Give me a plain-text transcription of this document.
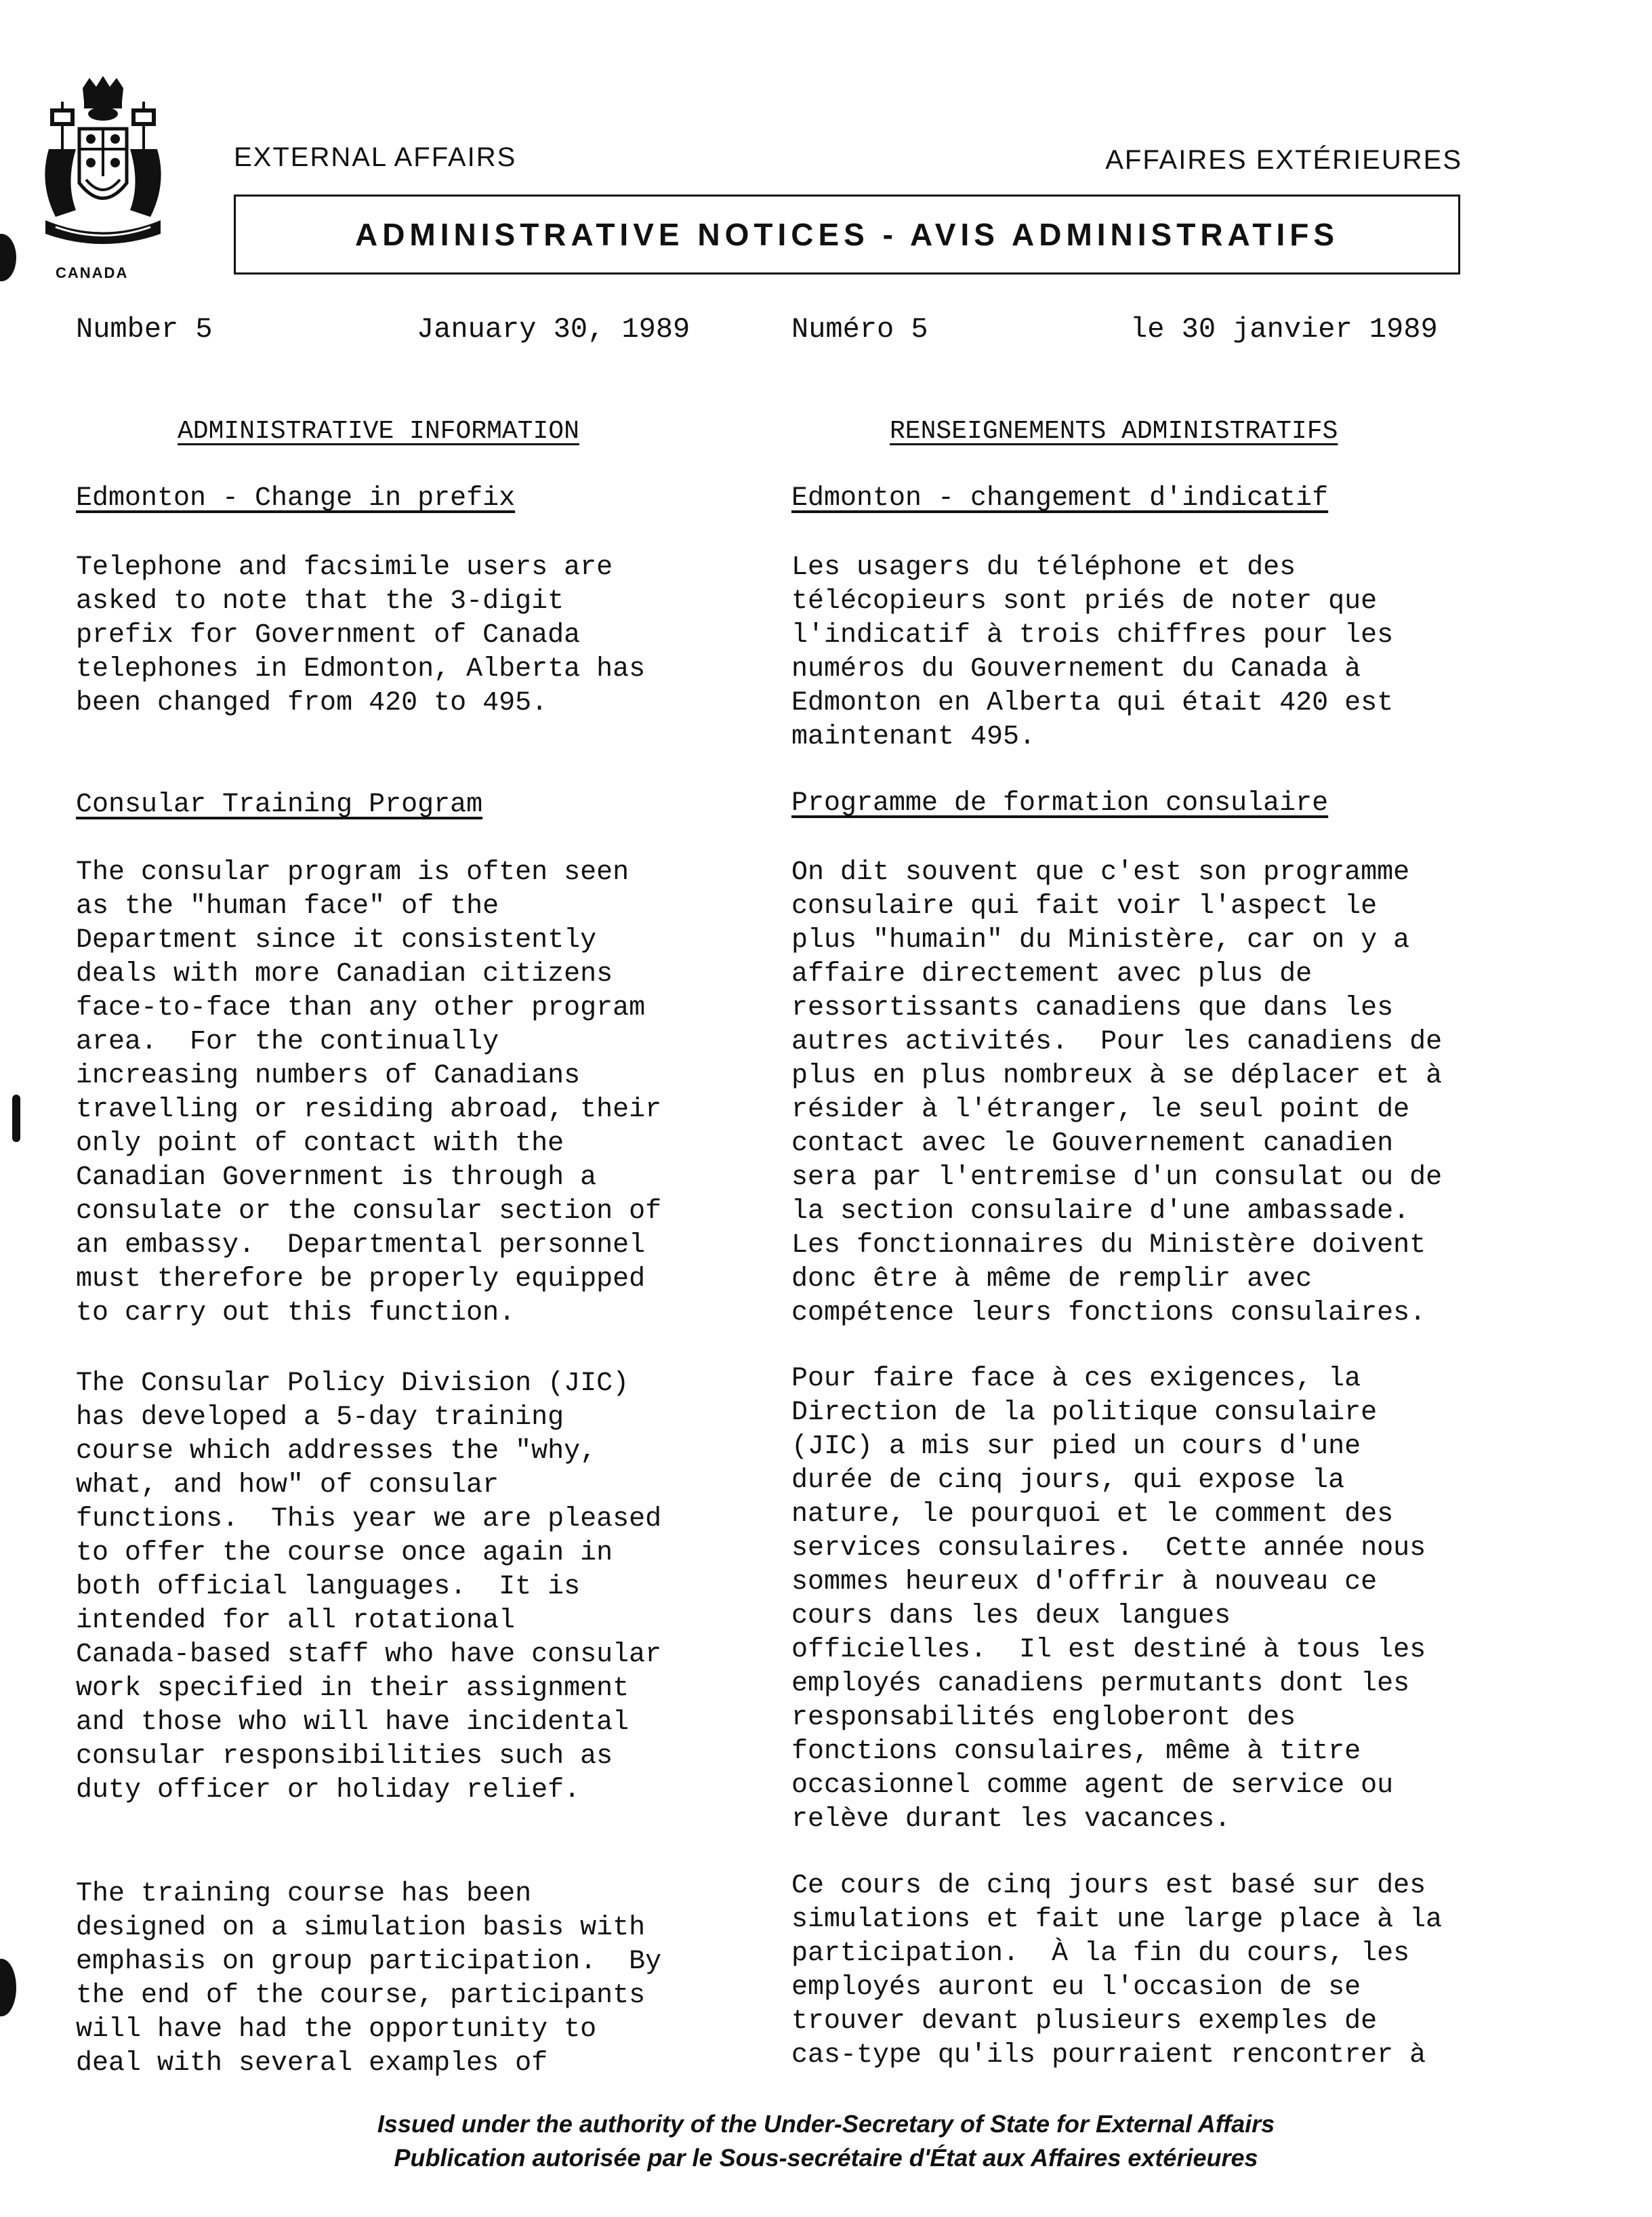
CANADA
EXTERNAL AFFAIRS	AFFAIRES EXTÉRIEURES
ADMINISTRATIVE NOTICES - AVIS ADMINISTRATIFS
Number 5	January 30, 1989	Numéro 5	le 30 janvier 1989
ADMINISTRATIVE INFORMATION
Edmonton - Change in prefix
Telephone and facsimile users are
asked to note that the 3-digit
prefix for Government of Canada
telephones in Edmonton, Alberta has
been changed from 420 to 495.
Consular Training Program
The consular program is often seen
as the "human face" of the
Department since it consistently
deals with more Canadian citizens
face-to-face than any other program
area.  For the continually
increasing numbers of Canadians
travelling or residing abroad, their
only point of contact with the
Canadian Government is through a
consulate or the consular section of
an embassy.  Departmental personnel
must therefore be properly equipped
to carry out this function.
The Consular Policy Division (JIC)
has developed a 5-day training
course which addresses the "why,
what, and how" of consular
functions.  This year we are pleased
to offer the course once again in
both official languages.  It is
intended for all rotational
Canada-based staff who have consular
work specified in their assignment
and those who will have incidental
consular responsibilities such as
duty officer or holiday relief.
The training course has been
designed on a simulation basis with
emphasis on group participation.  By
the end of the course, participants
will have had the opportunity to
deal with several examples of
RENSEIGNEMENTS ADMINISTRATIFS
Edmonton - changement d'indicatif
Les usagers du téléphone et des
télécopieurs sont priés de noter que
l'indicatif à trois chiffres pour les
numéros du Gouvernement du Canada à
Edmonton en Alberta qui était 420 est
maintenant 495.
Programme de formation consulaire
On dit souvent que c'est son programme
consulaire qui fait voir l'aspect le
plus "humain" du Ministère, car on y a
affaire directement avec plus de
ressortissants canadiens que dans les
autres activités.  Pour les canadiens de
plus en plus nombreux à se déplacer et à
résider à l'étranger, le seul point de
contact avec le Gouvernement canadien
sera par l'entremise d'un consulat ou de
la section consulaire d'une ambassade.
Les fonctionnaires du Ministère doivent
donc être à même de remplir avec
compétence leurs fonctions consulaires.
Pour faire face à ces exigences, la
Direction de la politique consulaire
(JIC) a mis sur pied un cours d'une
durée de cinq jours, qui expose la
nature, le pourquoi et le comment des
services consulaires.  Cette année nous
sommes heureux d'offrir à nouveau ce
cours dans les deux langues
officielles.  Il est destiné à tous les
employés canadiens permutants dont les
responsabilités engloberont des
fonctions consulaires, même à titre
occasionnel comme agent de service ou
relève durant les vacances.
Ce cours de cinq jours est basé sur des
simulations et fait une large place à la
participation.  À la fin du cours, les
employés auront eu l'occasion de se
trouver devant plusieurs exemples de
cas-type qu'ils pourraient rencontrer à
Issued under the authority of the Under-Secretary of State for External Affairs
Publication autorisée par le Sous-secrétaire d'État aux Affaires extérieures
